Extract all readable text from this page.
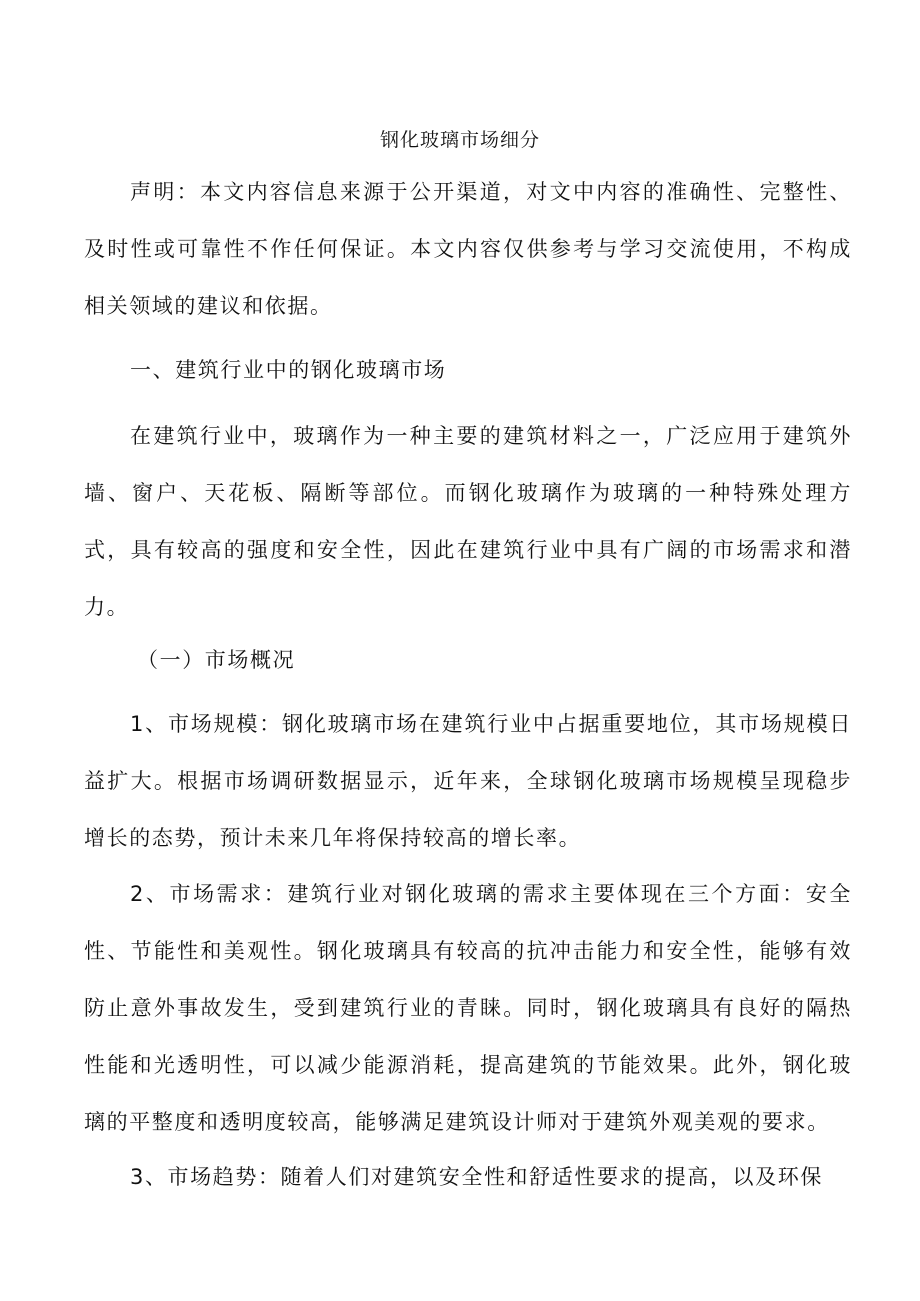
钢化玻璃市场细分

声明：本文内容信息来源于公开渠道，对文中内容的准确性、完整性、及时性或可靠性不作任何保证。本文内容仅供参考与学习交流使用，不构成相关领域的建议和依据。

一、建筑行业中的钢化玻璃市场

在建筑行业中，玻璃作为一种主要的建筑材料之一，广泛应用于建筑外墙、窗户、天花板、隔断等部位。而钢化玻璃作为玻璃的一种特殊处理方式，具有较高的强度和安全性，因此在建筑行业中具有广阔的市场需求和潜力。

（一）市场概况

1、市场规模：钢化玻璃市场在建筑行业中占据重要地位，其市场规模日益扩大。根据市场调研数据显示，近年来，全球钢化玻璃市场规模呈现稳步增长的态势，预计未来几年将保持较高的增长率。

2、市场需求：建筑行业对钢化玻璃的需求主要体现在三个方面：安全性、节能性和美观性。钢化玻璃具有较高的抗冲击能力和安全性，能够有效防止意外事故发生，受到建筑行业的青睐。同时，钢化玻璃具有良好的隔热性能和光透明性，可以减少能源消耗，提高建筑的节能效果。此外，钢化玻璃的平整度和透明度较高，能够满足建筑设计师对于建筑外观美观的要求。

3、市场趋势：随着人们对建筑安全性和舒适性要求的提高，以及环保
